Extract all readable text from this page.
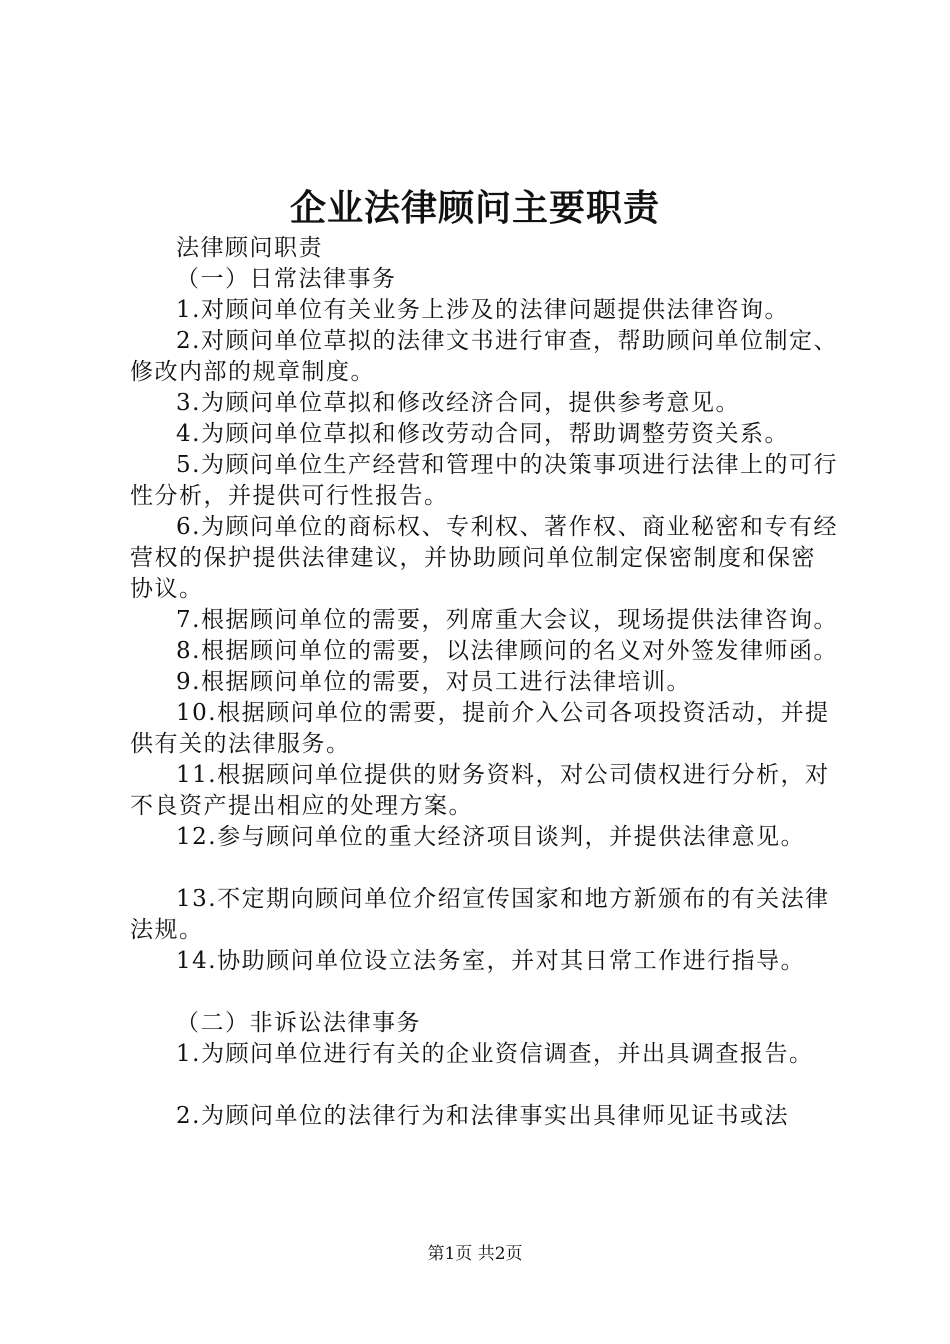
企业法律顾问主要职责

法律顾问职责

（一）日常法律事务

1.对顾问单位有关业务上涉及的法律问题提供法律咨询。

2.对顾问单位草拟的法律文书进行审查，帮助顾问单位制定、修改内部的规章制度。

3.为顾问单位草拟和修改经济合同，提供参考意见。

4.为顾问单位草拟和修改劳动合同，帮助调整劳资关系。

5.为顾问单位生产经营和管理中的决策事项进行法律上的可行性分析，并提供可行性报告。

6.为顾问单位的商标权、专利权、著作权、商业秘密和专有经营权的保护提供法律建议，并协助顾问单位制定保密制度和保密协议。

7.根据顾问单位的需要，列席重大会议，现场提供法律咨询。

8.根据顾问单位的需要，以法律顾问的名义对外签发律师函。

9.根据顾问单位的需要，对员工进行法律培训。

10.根据顾问单位的需要，提前介入公司各项投资活动，并提供有关的法律服务。

11.根据顾问单位提供的财务资料，对公司债权进行分析，对不良资产提出相应的处理方案。

12.参与顾问单位的重大经济项目谈判，并提供法律意见。

13.不定期向顾问单位介绍宣传国家和地方新颁布的有关法律法规。

14.协助顾问单位设立法务室，并对其日常工作进行指导。

（二）非诉讼法律事务

1.为顾问单位进行有关的企业资信调查，并出具调查报告。

2.为顾问单位的法律行为和法律事实出具律师见证书或法

第1页 共2页
